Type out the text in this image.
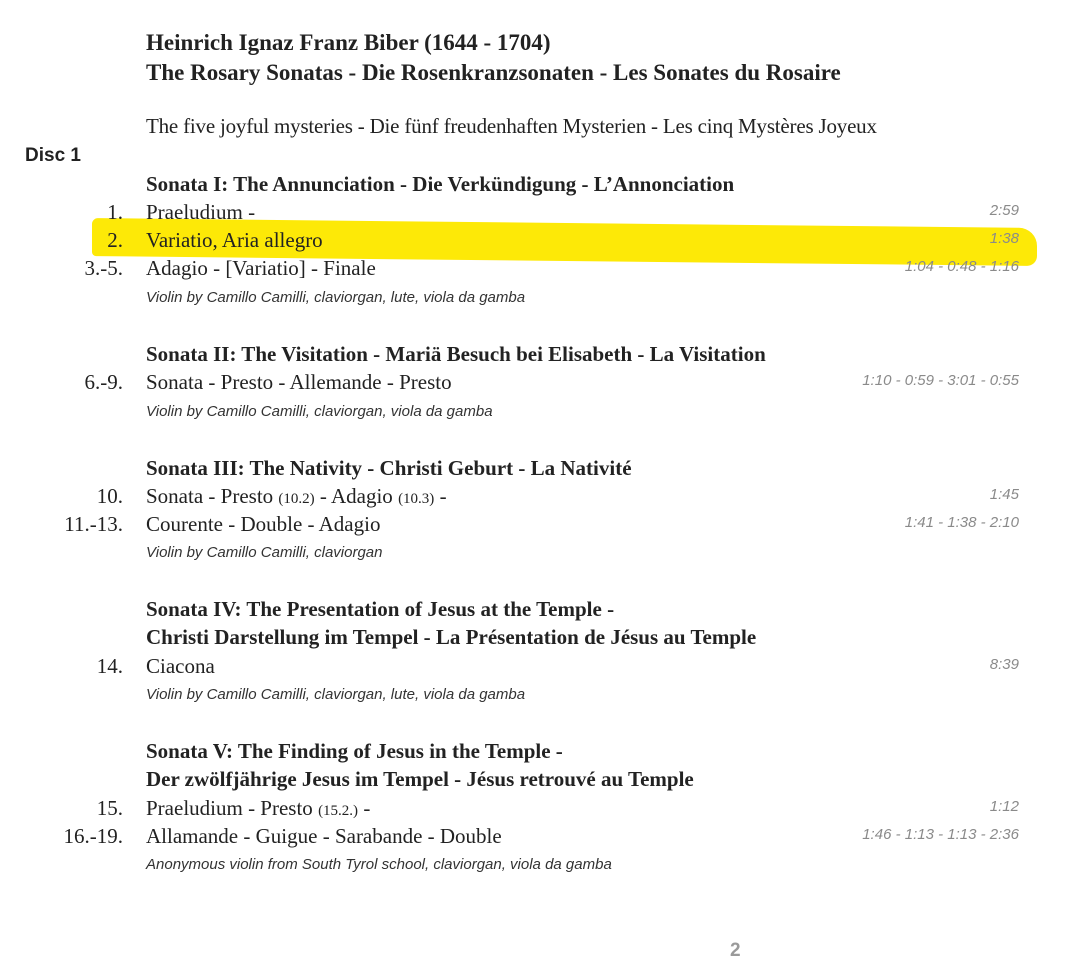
Heinrich Ignaz Franz Biber (1644 - 1704)
The Rosary Sonatas - Die Rosenkranzsonaten - Les Sonates du Rosaire
The five joyful mysteries - Die fünf freudenhaften Mysterien - Les cinq Mystères Joyeux
Disc 1
Sonata I: The Annunciation - Die Verkündigung - L’Annonciation
1. Praeludium -	2:59
2. Variatio, Aria allegro	1:38
3.-5. Adagio - [Variatio] - Finale	1:04 - 0:48 - 1:16
Violin by Camillo Camilli, claviorgan, lute, viola da gamba
Sonata II: The Visitation - Mariä Besuch bei Elisabeth - La Visitation
6.-9. Sonata - Presto - Allemande - Presto	1:10 - 0:59 - 3:01 - 0:55
Violin by Camillo Camilli, claviorgan, viola da gamba
Sonata III: The Nativity - Christi Geburt - La Nativité
10. Sonata - Presto (10.2) - Adagio (10.3) -	1:45
11.-13. Courente - Double - Adagio	1:41 - 1:38 - 2:10
Violin by Camillo Camilli, claviorgan
Sonata IV: The Presentation of Jesus at the Temple -
Christi Darstellung im Tempel - La Présentation de Jésus au Temple
14. Ciacona	8:39
Violin by Camillo Camilli, claviorgan, lute, viola da gamba
Sonata V: The Finding of Jesus in the Temple -
Der zwölfjährige Jesus im Tempel - Jésus retrouvé au Temple
15. Praeludium - Presto (15.2.) -	1:12
16.-19. Allamande - Guigue - Sarabande - Double	1:46 - 1:13 - 1:13 - 2:36
Anonymous violin from South Tyrol school, claviorgan, viola da gamba
2
